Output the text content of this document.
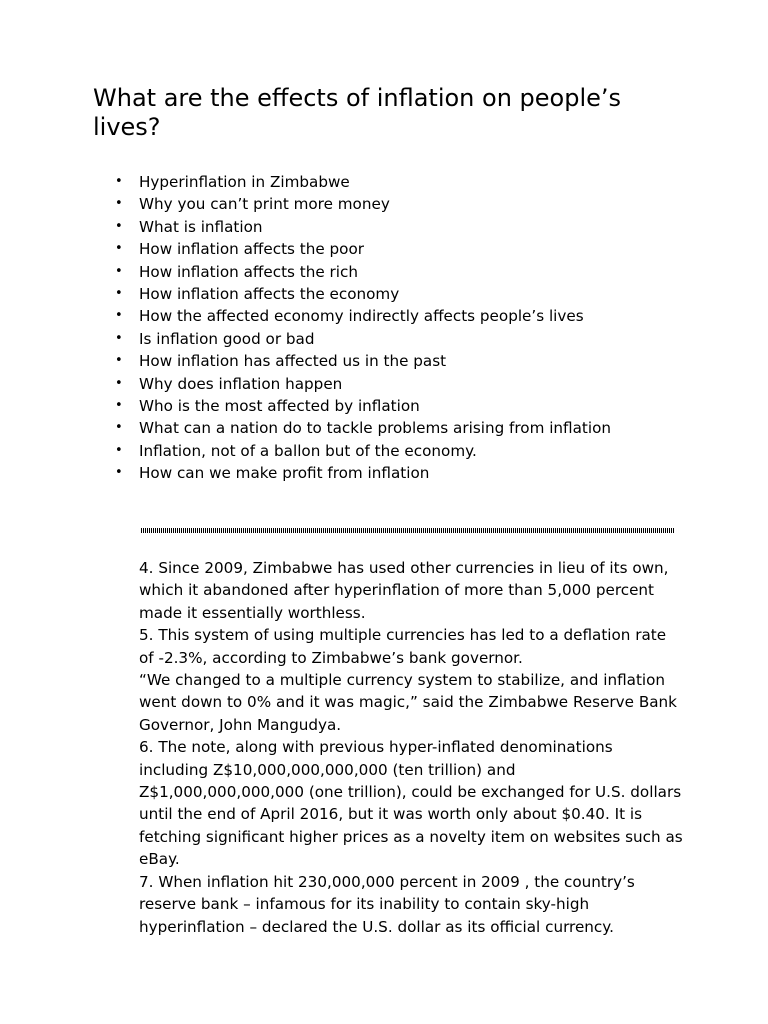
What are the effects of inflation on people’s lives?
• Hyperinflation in Zimbabwe
• Why you can’t print more money
• What is inflation
• How inflation affects the poor
• How inflation affects the rich
• How inflation affects the economy
• How the affected economy indirectly affects people’s lives
• Is inflation good or bad
• How inflation has affected us in the past
• Why does inflation happen
• Who is the most affected by inflation
• What can a nation do to tackle problems arising from inflation
• Inflation, not of a ballon but of the economy.
• How can we make profit from inflation

4. Since 2009, Zimbabwe has used other currencies in lieu of its own, which it abandoned after hyperinflation of more than 5,000 percent made it essentially worthless.

5. This system of using multiple currencies has led to a deflation rate of -2.3%, according to Zimbabwe’s bank governor.

“We changed to a multiple currency system to stabilize, and inflation went down to 0% and it was magic,” said the Zimbabwe Reserve Bank Governor, John Mangudya.

6. The note, along with previous hyper-inflated denominations including Z$10,000,000,000,000 (ten trillion) and Z$1,000,000,000,000 (one trillion), could be exchanged for U.S. dollars until the end of April 2016, but it was worth only about $0.40. It is fetching significant higher prices as a novelty item on websites such as eBay.

7. When inflation hit 230,000,000 percent in 2009 , the country’s reserve bank – infamous for its inability to contain sky-high hyperinflation – declared the U.S. dollar as its official currency.
